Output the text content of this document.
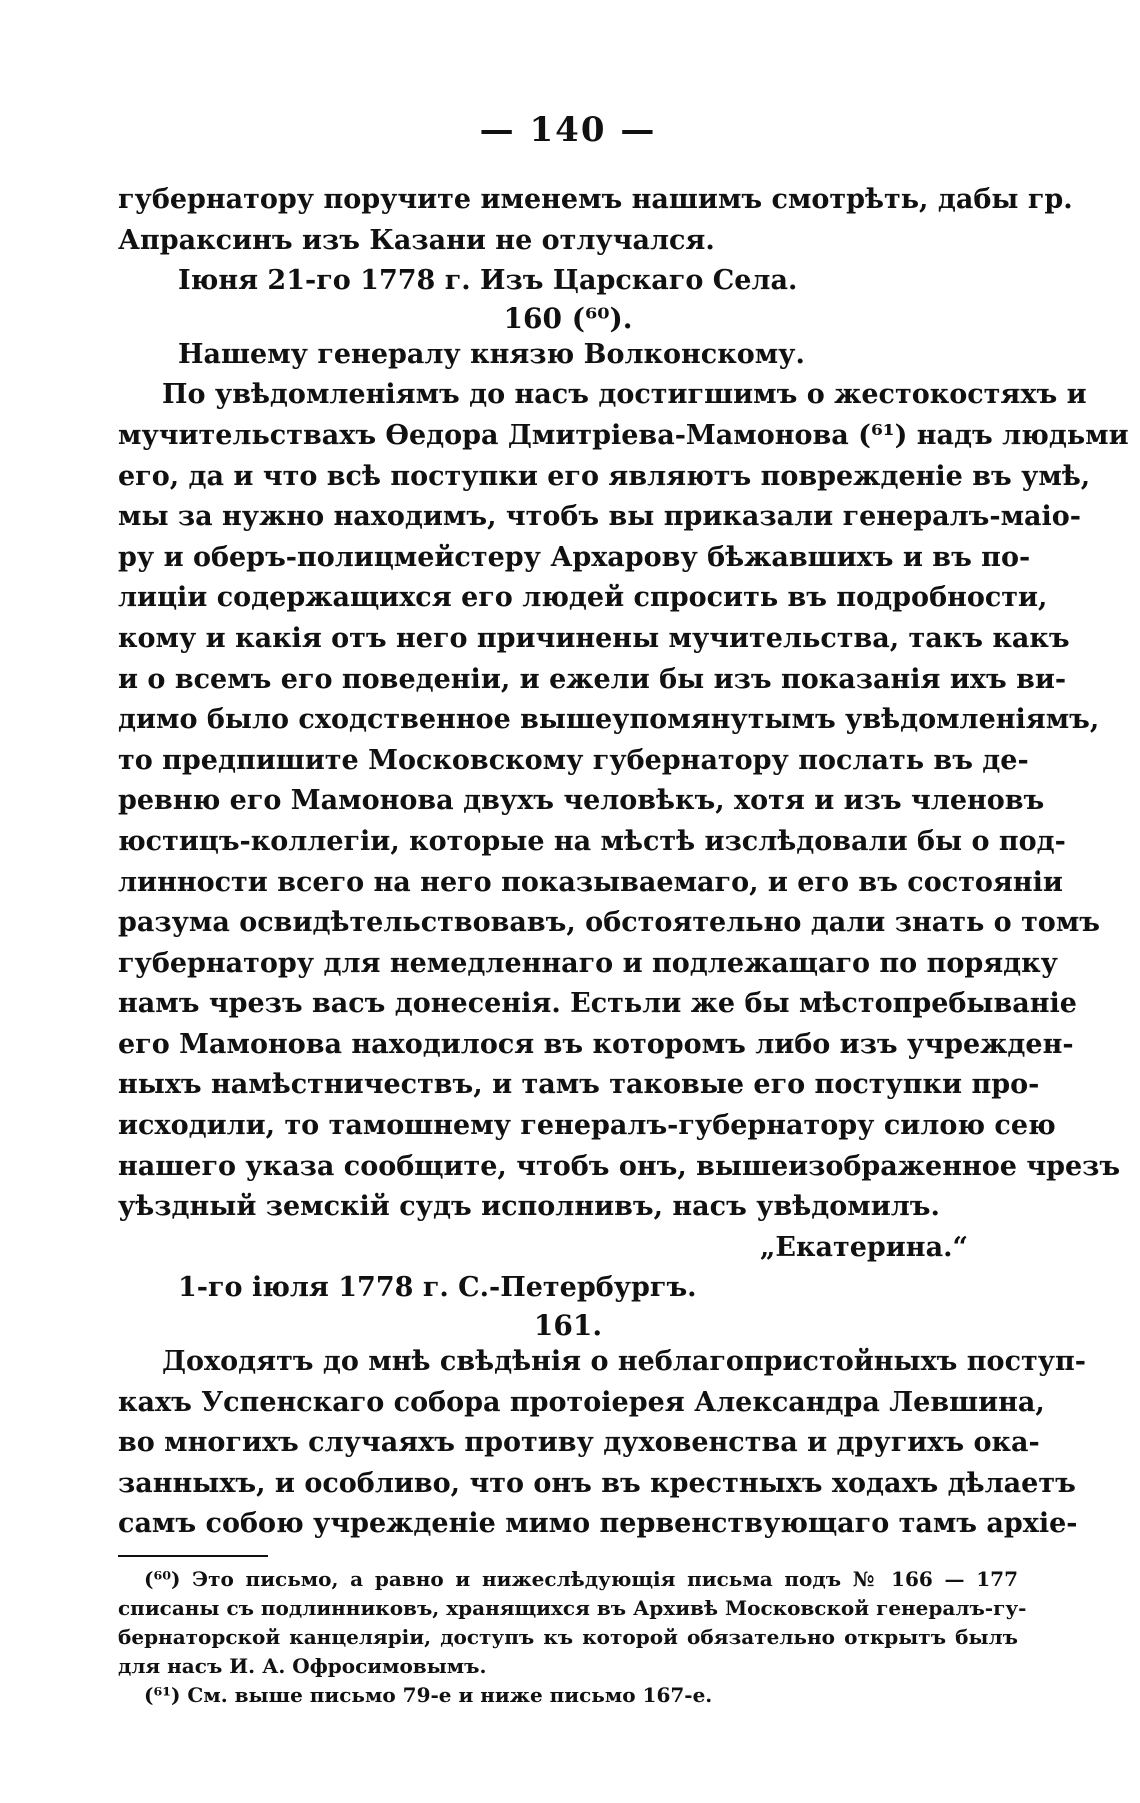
— 140 —
губернатору поручите именемъ нашимъ смотрѣть, дабы гр.
Апраксинъ изъ Казани не отлучался.
Іюня 21-го 1778 г. Изъ Царскаго Села.
160 (⁶⁰).
Нашему генералу князю Волконскому.
По увѣдомленіямъ до насъ достигшимъ о жестокостяхъ и
мучительствахъ Ѳедора Дмитріева-Мамонова (⁶¹) надъ людьми
его, да и что всѣ поступки его являютъ поврежденіе въ умѣ,
мы за нужно находимъ, чтобъ вы приказали генералъ-маіо-
ру и оберъ-полицмейстеру Архарову бѣжавшихъ и въ по-
лиціи содержащихся его людей спросить въ подробности,
кому и какія отъ него причинены мучительства, такъ какъ
и о всемъ его поведеніи, и ежели бы изъ показанія ихъ ви-
димо было сходственное вышеупомянутымъ увѣдомленіямъ,
то предпишите Московскому губернатору послать въ де-
ревню его Мамонова двухъ человѣкъ, хотя и изъ членовъ
юстицъ-коллегіи, которые на мѣстѣ изслѣдовали бы о под-
линности всего на него показываемаго, и его въ состояніи
разума освидѣтельствовавъ, обстоятельно дали знать о томъ
губернатору для немедленнаго и подлежащаго по порядку
намъ чрезъ васъ донесенія. Естьли же бы мѣстопребываніе
его Мамонова находилося въ которомъ либо изъ учрежден-
ныхъ намѣстничествъ, и тамъ таковые его поступки про-
исходили, то тамошнему генералъ-губернатору силою сею
нашего указа сообщите, чтобъ онъ, вышеизображенное чрезъ
уѣздный земскій судъ исполнивъ, насъ увѣдомилъ.
„Екатерина.“
1-го іюля 1778 г. С.-Петербургъ.
161.
Доходятъ до мнѣ свѣдѣнія о неблагопристойныхъ поступ-
кахъ Успенскаго собора протоіерея Александра Левшина,
во многихъ случаяхъ противу духовенства и другихъ ока-
занныхъ, и особливо, что онъ въ крестныхъ ходахъ дѣлаетъ
самъ собою учрежденіе мимо первенствующаго тамъ архіе-
(⁶⁰) Это письмо, а равно и нижеслѣдующія письма подъ № 166 — 177
списаны съ подлинниковъ, хранящихся въ Архивѣ Московской генералъ-гу-
бернаторской канцеляріи, доступъ къ которой обязательно открытъ былъ
для насъ И. А. Офросимовымъ.
(⁶¹) См. выше письмо 79-е и ниже письмо 167-е.
